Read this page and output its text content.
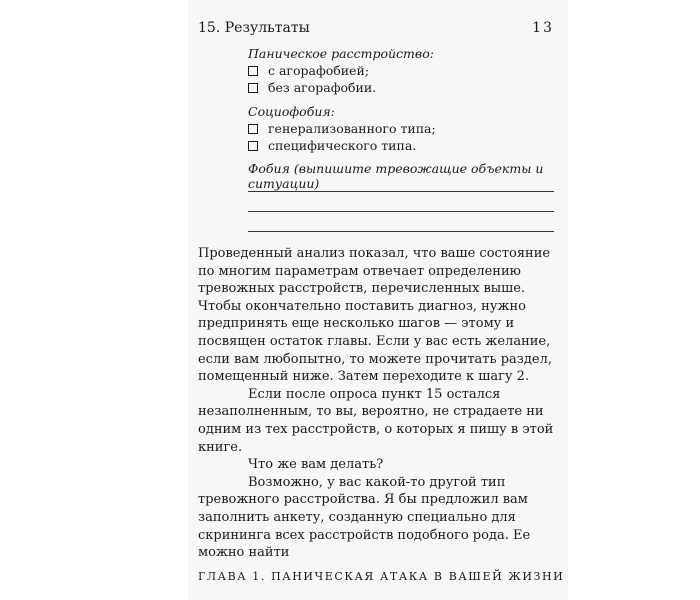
15. Результаты	13
Паническое расстройство:
с агорафобией;
без агорафобии.
Социофобия:
генерализованного типа;
специфического типа.
Фобия (выпишите тревожащие объекты и ситуации)

Проведенный анализ показал, что ваше состояние по многим параметрам отвечает определению тревожных расстройств, перечисленных выше. Чтобы окончательно поставить диагноз, нужно предпринять еще несколько шагов — этому и посвящен остаток главы. Если у вас есть желание, если вам любопытно, то можете прочитать раздел, помещенный ниже. Затем переходите к шагу 2.

Если после опроса пункт 15 остался незаполненным, то вы, вероятно, не страдаете ни одним из тех расстройств, о которых я пишу в этой книге.

Что же вам делать?

Возможно, у вас какой-то другой тип тревожного расстройства. Я бы предложил вам заполнить анкету, созданную специально для скрининга всех расстройств подобного рода. Ее можно найти

ГЛАВА 1. ПАНИЧЕСКАЯ АТАКА В ВАШЕЙ ЖИЗНИ
